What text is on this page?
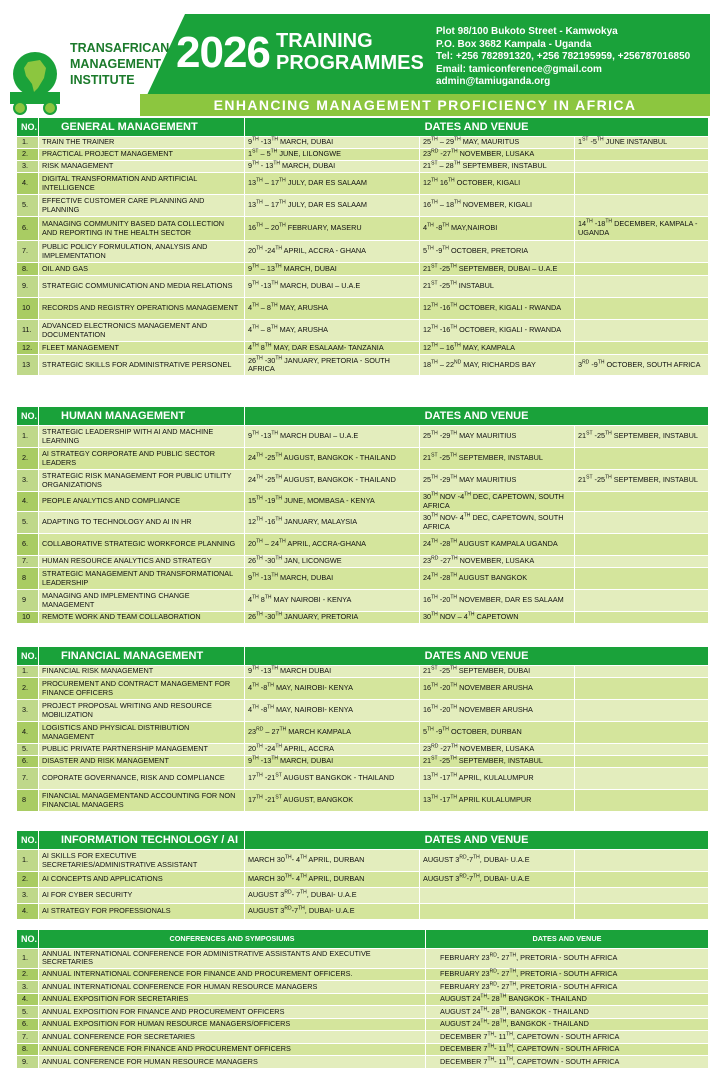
TAMI	TRANSAFRICAN MANAGEMENT INSTITUTE
2026 TRAINING PROGRAMMES
Plot 98/100 Bukoto Street - Kamwokya
P.O. Box 3682 Kampala - Uganda
Tel: +256 782891320, +256 782195959, +256787016850
Email: tamiconference@gmail.com
admin@tamiuganda.org
ENHANCING MANAGEMENT PROFICIENCY IN AFRICA
NO.	GENERAL MANAGEMENT	DATES AND VENUE		
1.	TRAIN THE TRAINER	9TH -13TH MARCH, DUBAI	25TH – 29TH MAY, MAURITUS	1ST -5TH JUNE INSTANBUL
2.	PRACTICAL PROJECT MANAGEMENT	1ST – 5TH JUNE, LILONGWE	23RD -27TH NOVEMBER, LUSAKA	
3.	RISK MANAGEMENT	9TH - 13TH MARCH, DUBAI	21ST – 28TH SEPTEMBER, INSTABUL	
4.	DIGITAL TRANSFORMATION AND ARTIFICIAL INTELLIGENCE	13TH – 17TH JULY, DAR ES SALAAM	12TH 16TH OCTOBER, KIGALI	
5.	EFFECTIVE CUSTOMER CARE PLANNING AND PLANNING	13TH – 17TH JULY, DAR ES SALAAM	16TH – 18TH NOVEMBER, KIGALI	
6.	MANAGING COMMUNITY BASED DATA COLLECTION AND REPORTING IN THE HEALTH SECTOR	16TH – 20TH FEBRUARY, MASERU	4TH -8TH MAY,NAIROBI	14TH -18TH DECEMBER, KAMPALA - UGANDA
7.	PUBLIC POLICY FORMULATION, ANALYSIS AND IMPLEMENTATION	20TH -24TH APRIL, ACCRA - GHANA	5TH -9TH OCTOBER, PRETORIA	
8.	OIL AND GAS	9TH – 13TH MARCH, DUBAI	21ST -25TH SEPTEMBER, DUBAI – U.A.E	
9.	STRATEGIC COMMUNICATION AND MEDIA RELATIONS	9TH -13TH MARCH, DUBAI – U.A.E	21ST -25TH INSTABUL	
10	RECORDS AND REGISTRY OPERATIONS MANAGEMENT	4TH – 8TH MAY, ARUSHA	12TH -16TH OCTOBER, KIGALI - RWANDA	
11.	ADVANCED ELECTRONICS MANAGEMENT AND DOCUMENTATION	4TH – 8TH MAY, ARUSHA	12TH -16TH OCTOBER, KIGALI - RWANDA	
12.	FLEET MANAGEMENT	4TH 8TH MAY, DAR ESALAAM- TANZANIA	12TH – 16TH MAY, KAMPALA	
13	STRATEGIC SKILLS FOR ADMINISTRATIVE PERSONEL	26TH -30TH JANUARY, PRETORIA - SOUTH AFRICA	18TH – 22ND MAY, RICHARDS BAY	3RD -9TH OCTOBER, SOUTH AFRICA
NO.	HUMAN MANAGEMENT	DATES AND VENUE		
1.	STRATEGIC LEADERSHIP WITH AI AND MACHINE LEARNING	9TH -13TH MARCH DUBAI – U.A.E	25TH -29TH MAY MAURITIUS	21ST -25TH SEPTEMBER, INSTABUL
2.	AI STRATEGY CORPORATE AND PUBLIC SECTOR LEADERS	24TH -25TH AUGUST, BANGKOK - THAILAND	21ST -25TH SEPTEMBER, INSTABUL	
3.	STRATEGIC RISK MANAGEMENT FOR PUBLIC UTILITY ORGANIZATIONS	24TH -25TH AUGUST, BANGKOK - THAILAND	25TH -29TH MAY MAURITIUS	21ST -25TH SEPTEMBER, INSTABUL
4.	PEOPLE ANALYTICS AND COMPLIANCE	15TH -19TH JUNE, MOMBASA - KENYA	30TH NOV -4TH DEC, CAPETOWN, SOUTH AFRICA	
5.	ADAPTING TO TECHNOLOGY AND AI IN HR	12TH -16TH JANUARY, MALAYSIA	30TH NOV- 4TH DEC, CAPETOWN, SOUTH AFRICA	
6.	COLLABORATIVE STRATEGIC WORKFORCE PLANNING	20TH – 24TH APRIL, ACCRA-GHANA	24TH -28TH AUGUST KAMPALA UGANDA	
7.	HUMAN RESOURCE ANALYTICS AND STRATEGY	26TH -30TH JAN, LICONGWE	23RD -27TH NOVEMBER, LUSAKA	
8	STRATEGIC MANAGEMENT AND TRANSFORMATIONAL LEADERSHIP	9TH -13TH MARCH, DUBAI	24TH -28TH AUGUST BANGKOK	
9	MANAGING AND IMPLEMENTING CHANGE MANAGEMENT	4TH 8TH MAY NAIROBI - KENYA	16TH -20TH NOVEMBER, DAR ES SALAAM	
10	REMOTE WORK AND TEAM COLLABORATION	26TH -30TH JANUARY, PRETORIA	30TH NOV – 4TH CAPETOWN	
NO.	FINANCIAL MANAGEMENT	DATES AND VENUE		
1.	FINANCIAL RISK MANAGEMENT	9TH -13TH MARCH DUBAI	21ST -25TH SEPTEMBER, DUBAI	
2.	PROCUREMENT AND CONTRACT MANAGEMENT FOR FINANCE OFFICERS	4TH -8TH MAY, NAIROBI- KENYA	16TH -20TH NOVEMBER ARUSHA	
3.	PROJECT PROPOSAL WRITING AND RESOURCE MOBILIZATION	4TH -8TH MAY, NAIROBI- KENYA	16TH -20TH NOVEMBER ARUSHA	
4.	LOGISTICS AND PHYSICAL DISTRIBUTION MANAGEMENT	23RD – 27TH MARCH KAMPALA	5TH -9TH OCTOBER, DURBAN	
5.	PUBLIC PRIVATE PARTNERSHIP MANAGEMENT	20TH -24TH APRIL, ACCRA	23RD -27TH NOVEMBER, LUSAKA	
6.	DISASTER AND RISK MANAGEMENT	9TH -13TH MARCH, DUBAI	21ST -25TH SEPTEMBER, INSTABUL	
7.	COPORATE GOVERNANCE, RISK AND COMPLIANCE	17TH -21ST AUGUST BANGKOK - THAILAND	13TH -17TH APRIL, KULALUMPUR	
8	FINANCIAL MANAGEMENTAND ACCOUNTING FOR NON FINANCIAL MANAGERS	17TH -21ST AUGUST, BANGKOK	13TH -17TH APRIL KULALUMPUR	
NO.	INFORMATION TECHNOLOGY / AI	DATES AND VENUE		
1.	AI SKILLS FOR EXECUTIVE SECRETARIES/ADMINISTRATIVE ASSISTANT	MARCH 30TH- 4TH APRIL, DURBAN	AUGUST 3RD-7TH, DUBAI- U.A.E	
2.	AI CONCEPTS AND APPLICATIONS	MARCH 30TH- 4TH APRIL, DURBAN	AUGUST 3RD-7TH, DUBAI- U.A.E	
3.	AI FOR CYBER SECURITY	AUGUST 3RD- 7TH, DUBAI- U.A.E		
4.	AI STRATEGY FOR PROFESSIONALS	AUGUST 3RD-7TH, DUBAI- U.A.E		
NO.	CONFERENCES AND SYMPOSIUMS	DATES AND VENUE
1.	ANNUAL INTERNATIONAL CONFERENCE FOR ADMINISTRATIVE ASSISTANTS AND EXECUTIVE SECRETARIES	FEBRUARY 23RD- 27TH, PRETORIA - SOUTH AFRICA
2.	ANNUAL INTERNATIONAL CONFERENCE FOR FINANCE AND PROCUREMENT OFFICERS.	FEBRUARY 23RD- 27TH, PRETORIA - SOUTH AFRICA
3.	ANNUAL INTERNATIONAL CONFERENCE FOR HUMAN RESOURCE MANAGERS	FEBRUARY 23RD- 27TH, PRETORIA - SOUTH AFRICA
4.	ANNUAL EXPOSITION FOR SECRETARIES	AUGUST 24TH- 28TH BANGKOK - THAILAND
5.	ANNUAL EXPOSITION FOR FINANCE AND PROCUREMENT OFFICERS	AUGUST 24TH- 28TH, BANGKOK - THAILAND
6.	ANNUAL EXPOSITION FOR HUMAN RESOURCE MANAGERS/OFFICERS	AUGUST 24TH- 28TH, BANGKOK - THAILAND
7.	ANNUAL CONFERENCE FOR SECRETARIES	DECEMBER 7TH- 11TH, CAPETOWN - SOUTH AFRICA
8.	ANNUAL CONFERENCE FOR FINANCE AND PROCUREMENT OFFICERS	DECEMBER 7TH- 11TH, CAPETOWN - SOUTH AFRICA
9.	ANNUAL CONFERENCE FOR HUMAN RESOURCE MANAGERS	DECEMBER 7TH- 11TH, CAPETOWN - SOUTH AFRICA
